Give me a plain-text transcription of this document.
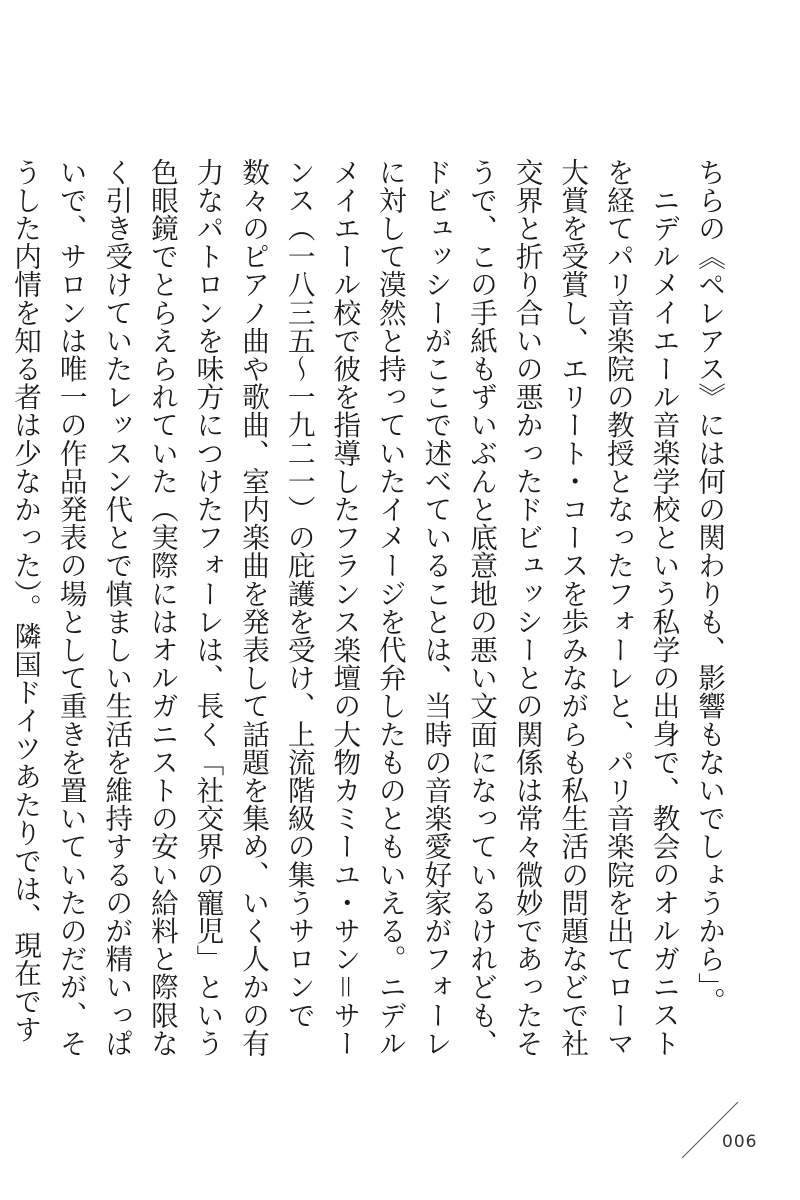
ちらの《ペレアス》には何の関わりも、影響もないでしょうから」。

ニデルメイエール音楽学校という私学の出身で、教会のオルガニストを経てパリ音楽院の教授となったフォーレと、パリ音楽院を出てローマ大賞を受賞し、エリート・コースを歩みながらも私生活の問題などで社交界と折り合いの悪かったドビュッシーとの関係は常々微妙であったそうで、この手紙もずいぶんと底意地の悪い文面になっているけれども、ドビュッシーがここで述べていることは、当時の音楽愛好家がフォーレに対して漠然と持っていたイメージを代弁したものともいえる。ニデルメイエール校で彼を指導したフランス楽壇の大物カミーユ・サン＝サーンス（一八三五〜一九二一）の庇護を受け、上流階級の集うサロンで数々のピアノ曲や歌曲、室内楽曲を発表して話題を集め、いく人かの有力なパトロンを味方につけたフォーレは、長く「社交界の寵児」という色眼鏡でとらえられていた（実際にはオルガニストの安い給料と際限なく引き受けていたレッスン代とで慎ましい生活を維持するのが精いっぱいで、サロンは唯一の作品発表の場として重きを置いていたのだが、そうした内情を知る者は少なかった）。隣国ドイツあたりでは、現在です

006
